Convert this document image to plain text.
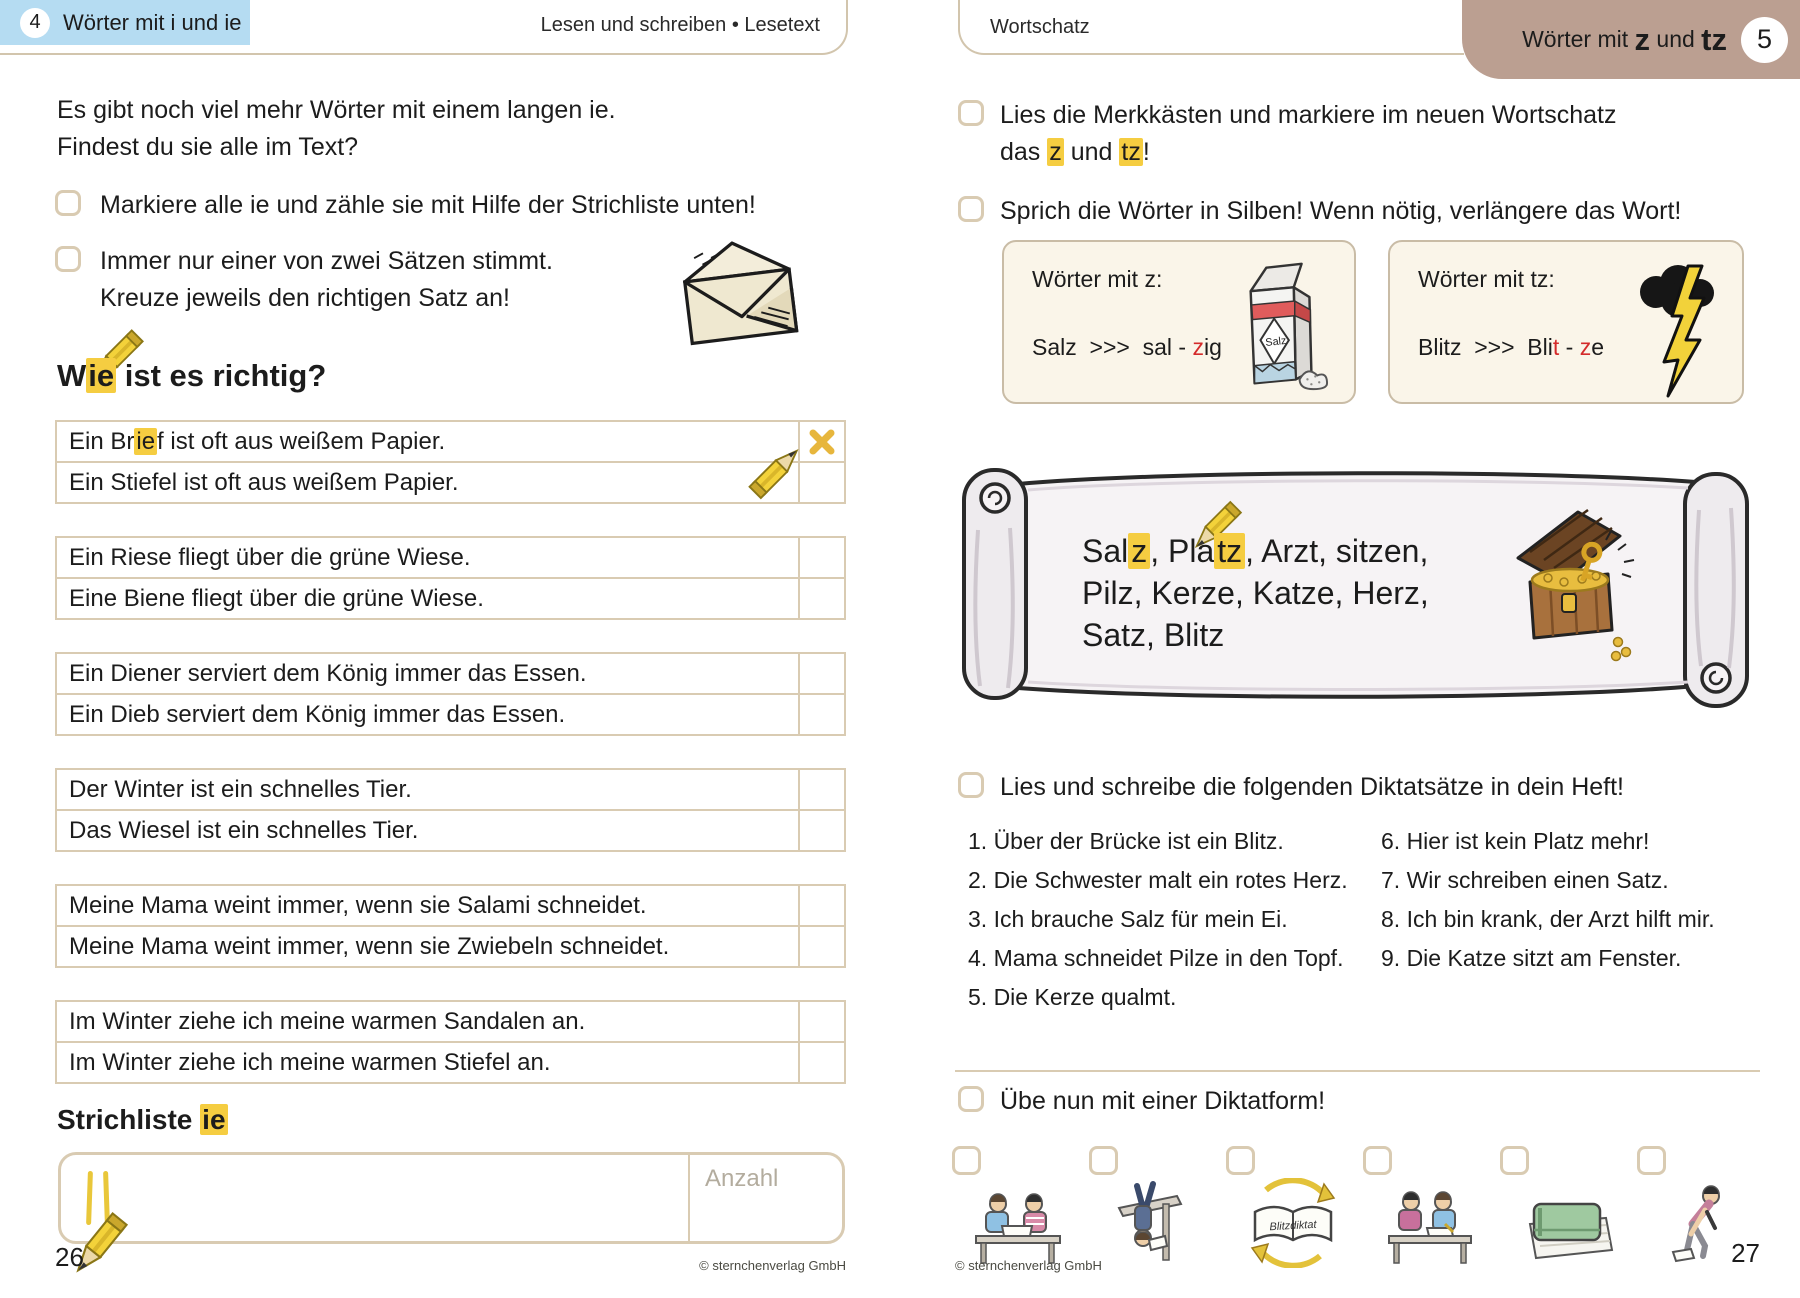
4	Wörter mit i und ie	Lesen und schreiben • Lesetext
Es gibt noch viel mehr Wörter mit einem langen ie.
Findest du sie alle im Text?
Markiere alle ie und zähle sie mit Hilfe der Strichliste unten!
Immer nur einer von zwei Sätzen stimmt.
Kreuze jeweils den richtigen Satz an!
Wie ist es richtig?
Ein Brief ist oft aus weißem Papier.
Ein Stiefel ist oft aus weißem Papier.
Ein Riese fliegt über die grüne Wiese.
Eine Biene fliegt über die grüne Wiese.
Ein Diener serviert dem König immer das Essen.
Ein Dieb serviert dem König immer das Essen.
Der Winter ist ein schnelles Tier.
Das Wiesel ist ein schnelles Tier.
Meine Mama weint immer, wenn sie Salami schneidet.
Meine Mama weint immer, wenn sie Zwiebeln schneidet.
Im Winter ziehe ich meine warmen Sandalen an.
Im Winter ziehe ich meine warmen Stiefel an.
Strichliste ie
Anzahl
26	© sternchenverlag GmbH
Wortschatz	Wörter mit z und tz	5
Lies die Merkkästen und markiere im neuen Wortschatz
das z und tz!
Sprich die Wörter in Silben! Wenn nötig, verlängere das Wort!
Wörter mit z:
Salz  >>>  sal - zig	Salz
Wörter mit tz:
Blitz  >>>  Blit - ze
Salz, Platz, Arzt, sitzen,
Pilz, Kerze, Katze, Herz,
Satz, Blitz
Lies und schreibe die folgenden Diktatsätze in dein Heft!
1. Über der Brücke ist ein Blitz.
2. Die Schwester malt ein rotes Herz.
3. Ich brauche Salz für mein Ei.
4. Mama schneidet Pilze in den Topf.
5. Die Kerze qualmt.
6. Hier ist kein Platz mehr!
7. Wir schreiben einen Satz.
8. Ich bin krank, der Arzt hilft mir.
9. Die Katze sitzt am Fenster.
Übe nun mit einer Diktatform!
Blitzdiktat
© sternchenverlag GmbH	27
